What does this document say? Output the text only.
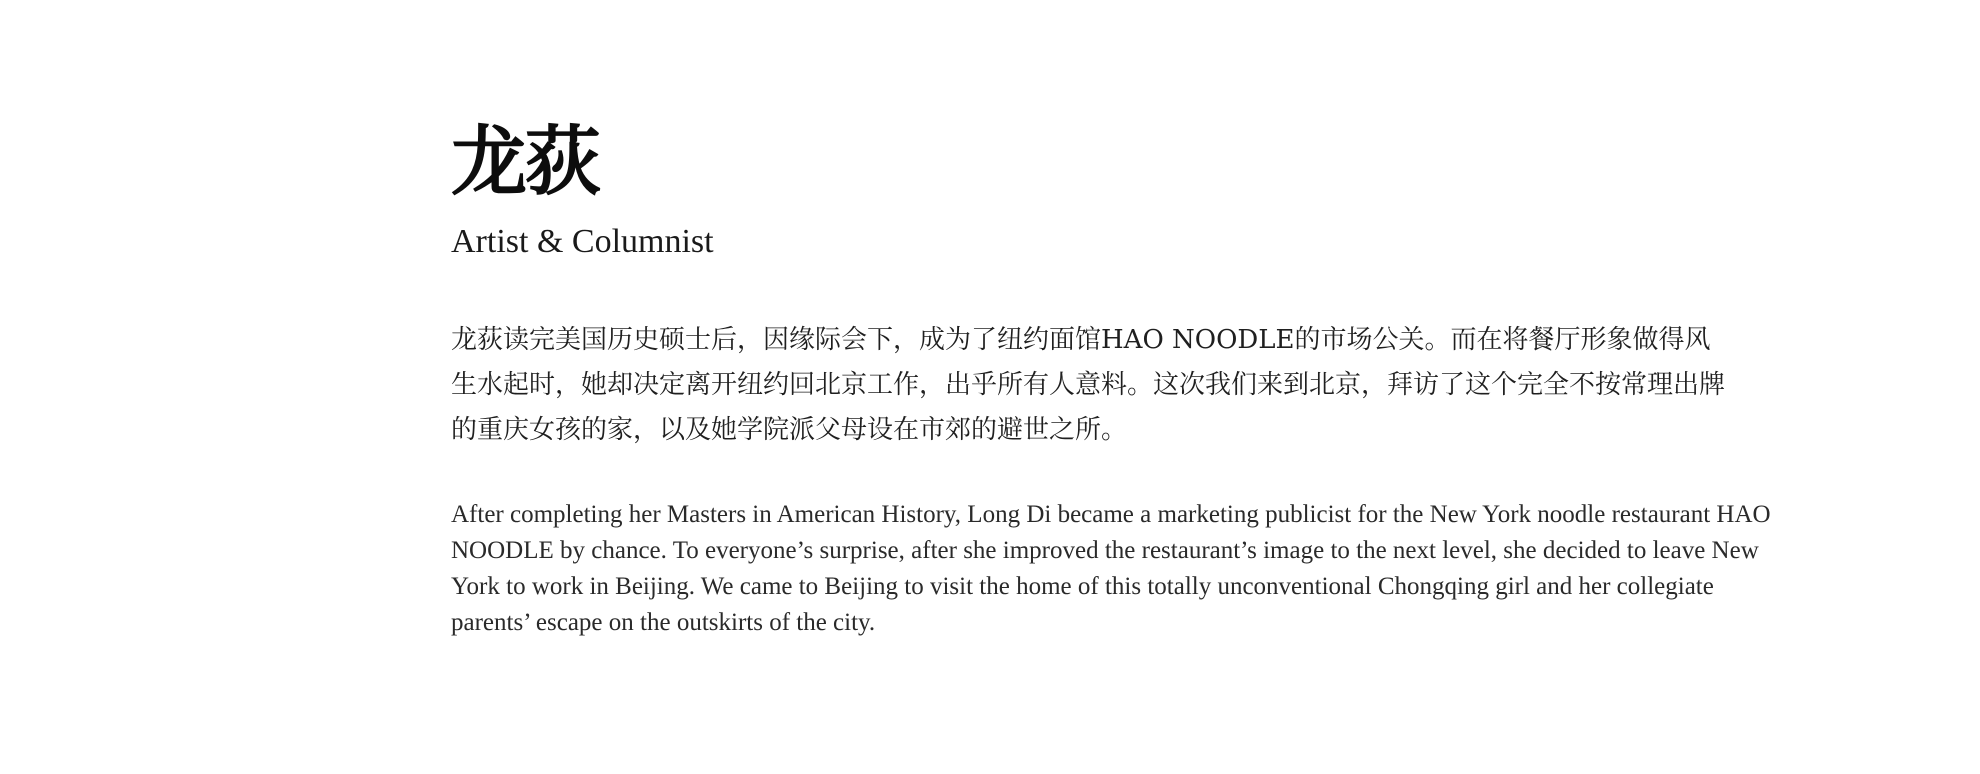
龙荻
Artist & Columnist

龙荻读完美国历史硕士后，因缘际会下，成为了纽约面馆HAO NOODLE的市场公关。而在将餐厅形象做得风生水起时，她却决定离开纽约回北京工作，出乎所有人意料。这次我们来到北京，拜访了这个完全不按常理出牌的重庆女孩的家，以及她学院派父母设在市郊的避世之所。

After completing her Masters in American History, Long Di became a marketing publicist for the New York noodle restaurant HAO NOODLE by chance. To everyone’s surprise, after she improved the restaurant’s image to the next level, she decided to leave New York to work in Beijing. We came to Beijing to visit the home of this totally unconventional Chongqing girl and her collegiate parents’ escape on the outskirts of the city.
